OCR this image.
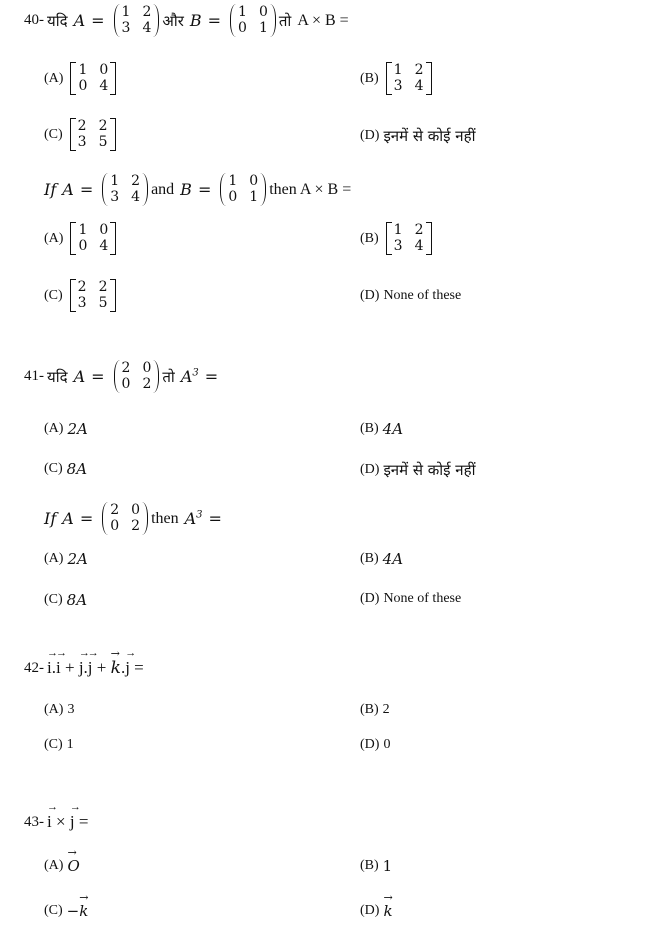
40- यदि A = 1 2
3 4 और B = 1 0
0 1 तो A × B =
(A) 1 0
0 4	(B) 1 2
3 4
(C) 2 2
3 5	(D) इनमें से कोई नहीं
If A = 1 2
3 4 and B = 1 0
0 1 then A × B =
(A) 1 0
0 4	(B) 1 2
3 4
(C) 2 2
3 5	(D) None of these
41- यदि A = 2 0
0 2 तो $A^3$ =
(A) 2A	(B) 4A
(C) 8A	(D) इनमें से कोई नहीं
If A = 2 0
0 2 then $A^3$ =
(A) 2A	(B) 4A
(C) 8A	(D) None of these
42- → i.→ i + → j.→ j + → k.→ j =
(A) 3	(B) 2
(C) 1	(D) 0
43- → i × → j =
(A) → O	(B) 1
(C) − → k	(D) → k
